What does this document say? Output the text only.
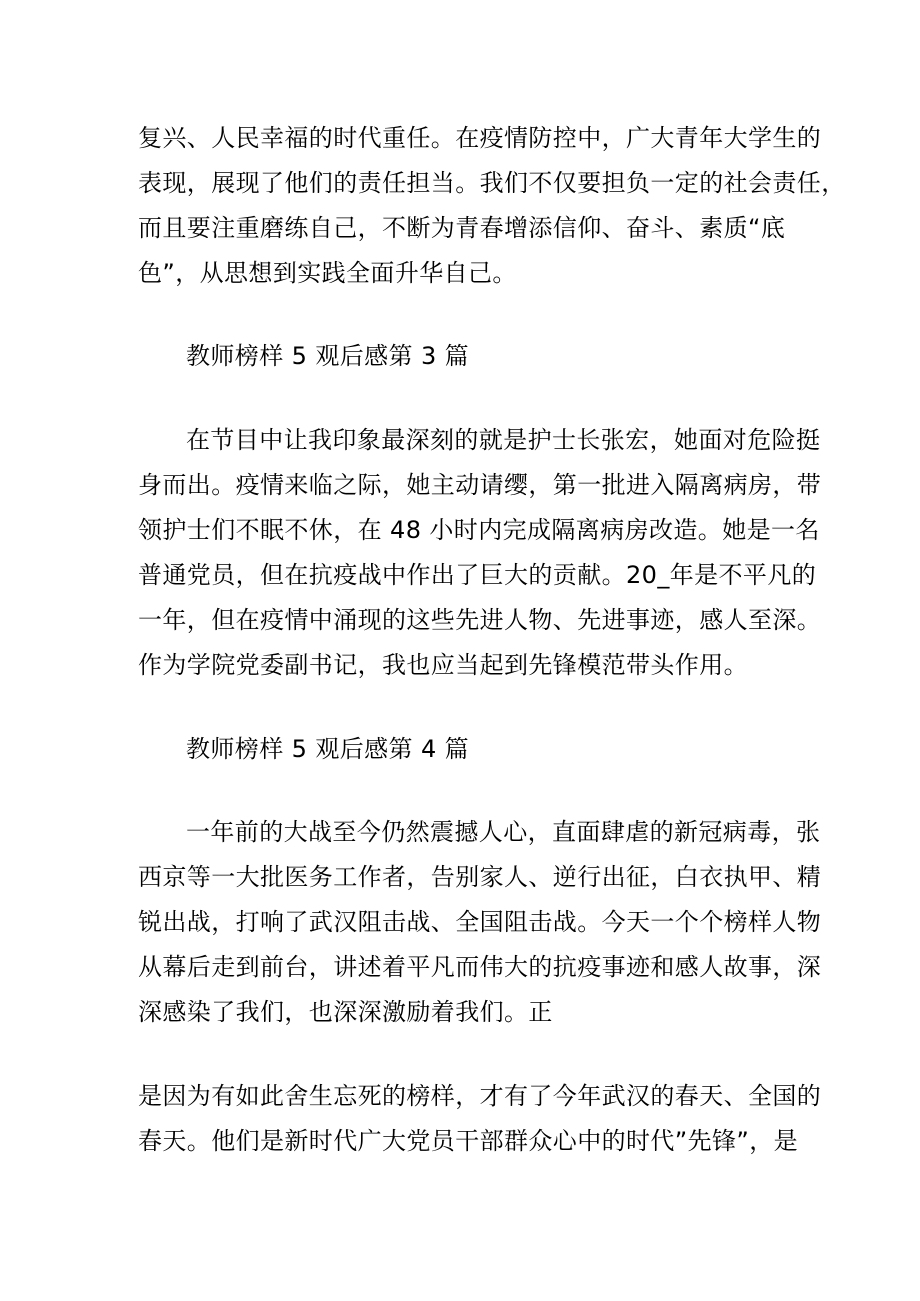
复兴、人民幸福的时代重任。在疫情防控中，广大青年大学生的
表现，展现了他们的责任担当。我们不仅要担负一定的社会责任，
而且要注重磨练自己，不断为青春增添信仰、奋斗、素质“底
色”，从思想到实践全面升华自己。
教师榜样 5 观后感第 3 篇
在节目中让我印象最深刻的就是护士长张宏，她面对危险挺
身而出。疫情来临之际，她主动请缨，第一批进入隔离病房，带
领护士们不眠不休，在 48 小时内完成隔离病房改造。她是一名
普通党员，但在抗疫战中作出了巨大的贡献。20_年是不平凡的
一年，但在疫情中涌现的这些先进人物、先进事迹，感人至深。
作为学院党委副书记，我也应当起到先锋模范带头作用。
教师榜样 5 观后感第 4 篇
一年前的大战至今仍然震撼人心，直面肆虐的新冠病毒，张
西京等一大批医务工作者，告别家人、逆行出征，白衣执甲、精
锐出战，打响了武汉阻击战、全国阻击战。今天一个个榜样人物
从幕后走到前台，讲述着平凡而伟大的抗疫事迹和感人故事，深
深感染了我们，也深深激励着我们。正
是因为有如此舍生忘死的榜样，才有了今年武汉的春天、全国的
春天。他们是新时代广大党员干部群众心中的时代”先锋”，是
